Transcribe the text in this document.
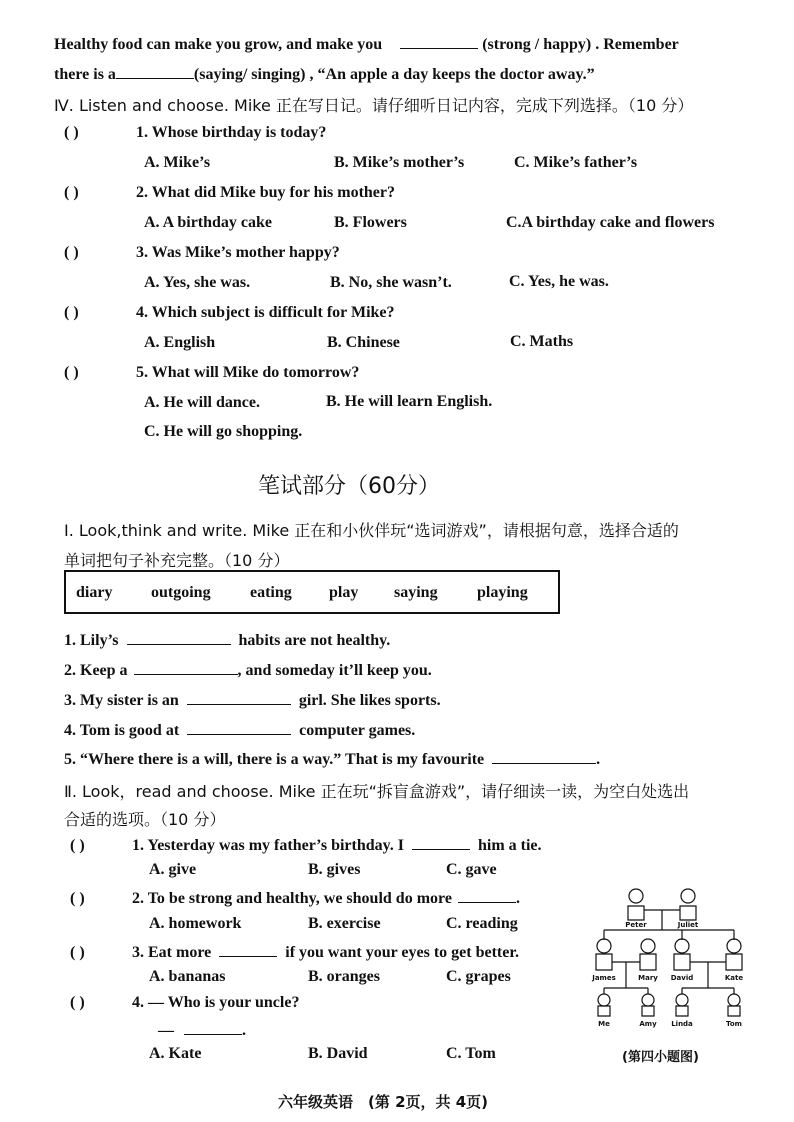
Healthy food can make you grow, and make you	(strong / happy) . Remember
there is a	(saying/ singing) , “An apple a day keeps the doctor away.”
Ⅳ. Listen and choose. Mike 正在写日记。请仔细听日记内容，完成下列选择。（10 分）
( )	1. Whose birthday is today?
A. Mike’s	B. Mike’s mother’s	C. Mike’s father’s
( )	2. What did Mike buy for his mother?
A. A birthday cake	B. Flowers	C.A birthday cake and flowers
( )	3. Was Mike’s mother happy?
A. Yes, she was.	B. No, she wasn’t.	C. Yes, he was.
( )	4. Which subject is difficult for Mike?
A. English	B. Chinese	C. Maths
( )	5. What will Mike do tomorrow?
A. He will dance.	B. He will learn English.
C. He will go shopping.
笔试部分（60分）
Ⅰ. Look,think and write. Mike 正在和小伙伴玩“选词游戏”，请根据句意，选择合适的
单词把句子补充完整。（10 分）
diary outgoing eating play saying playing
1. Lily’s	habits are not healthy.
2. Keep a	, and someday it’ll keep you.
3. My sister is an	girl. She likes sports.
4. Tom is good at	computer games.
5. “Where there is a will, there is a way.” That is my favourite	.
Ⅱ. Look，read and choose. Mike 正在玩“拆盲盒游戏”，请仔细读一读，为空白处选出
合适的选项。（10 分）
( )	1. Yesterday was my father’s birthday. I	him a tie.
A. give	B. gives	C. gave
( )	2. To be strong and healthy, we should do more	.
A. homework	B. exercise	C. reading
( )	3. Eat more	if you want your eyes to get better.
A. bananas	B. oranges	C. grapes
( )	4. — Who is your uncle?
—	.
A. Kate	B. David	C. Tom
Peter	Juliet
James	Mary David	Kate
Me	Amy Linda	Tom
(第四小题图)
六年级英语　(第 2页，共 4页)
